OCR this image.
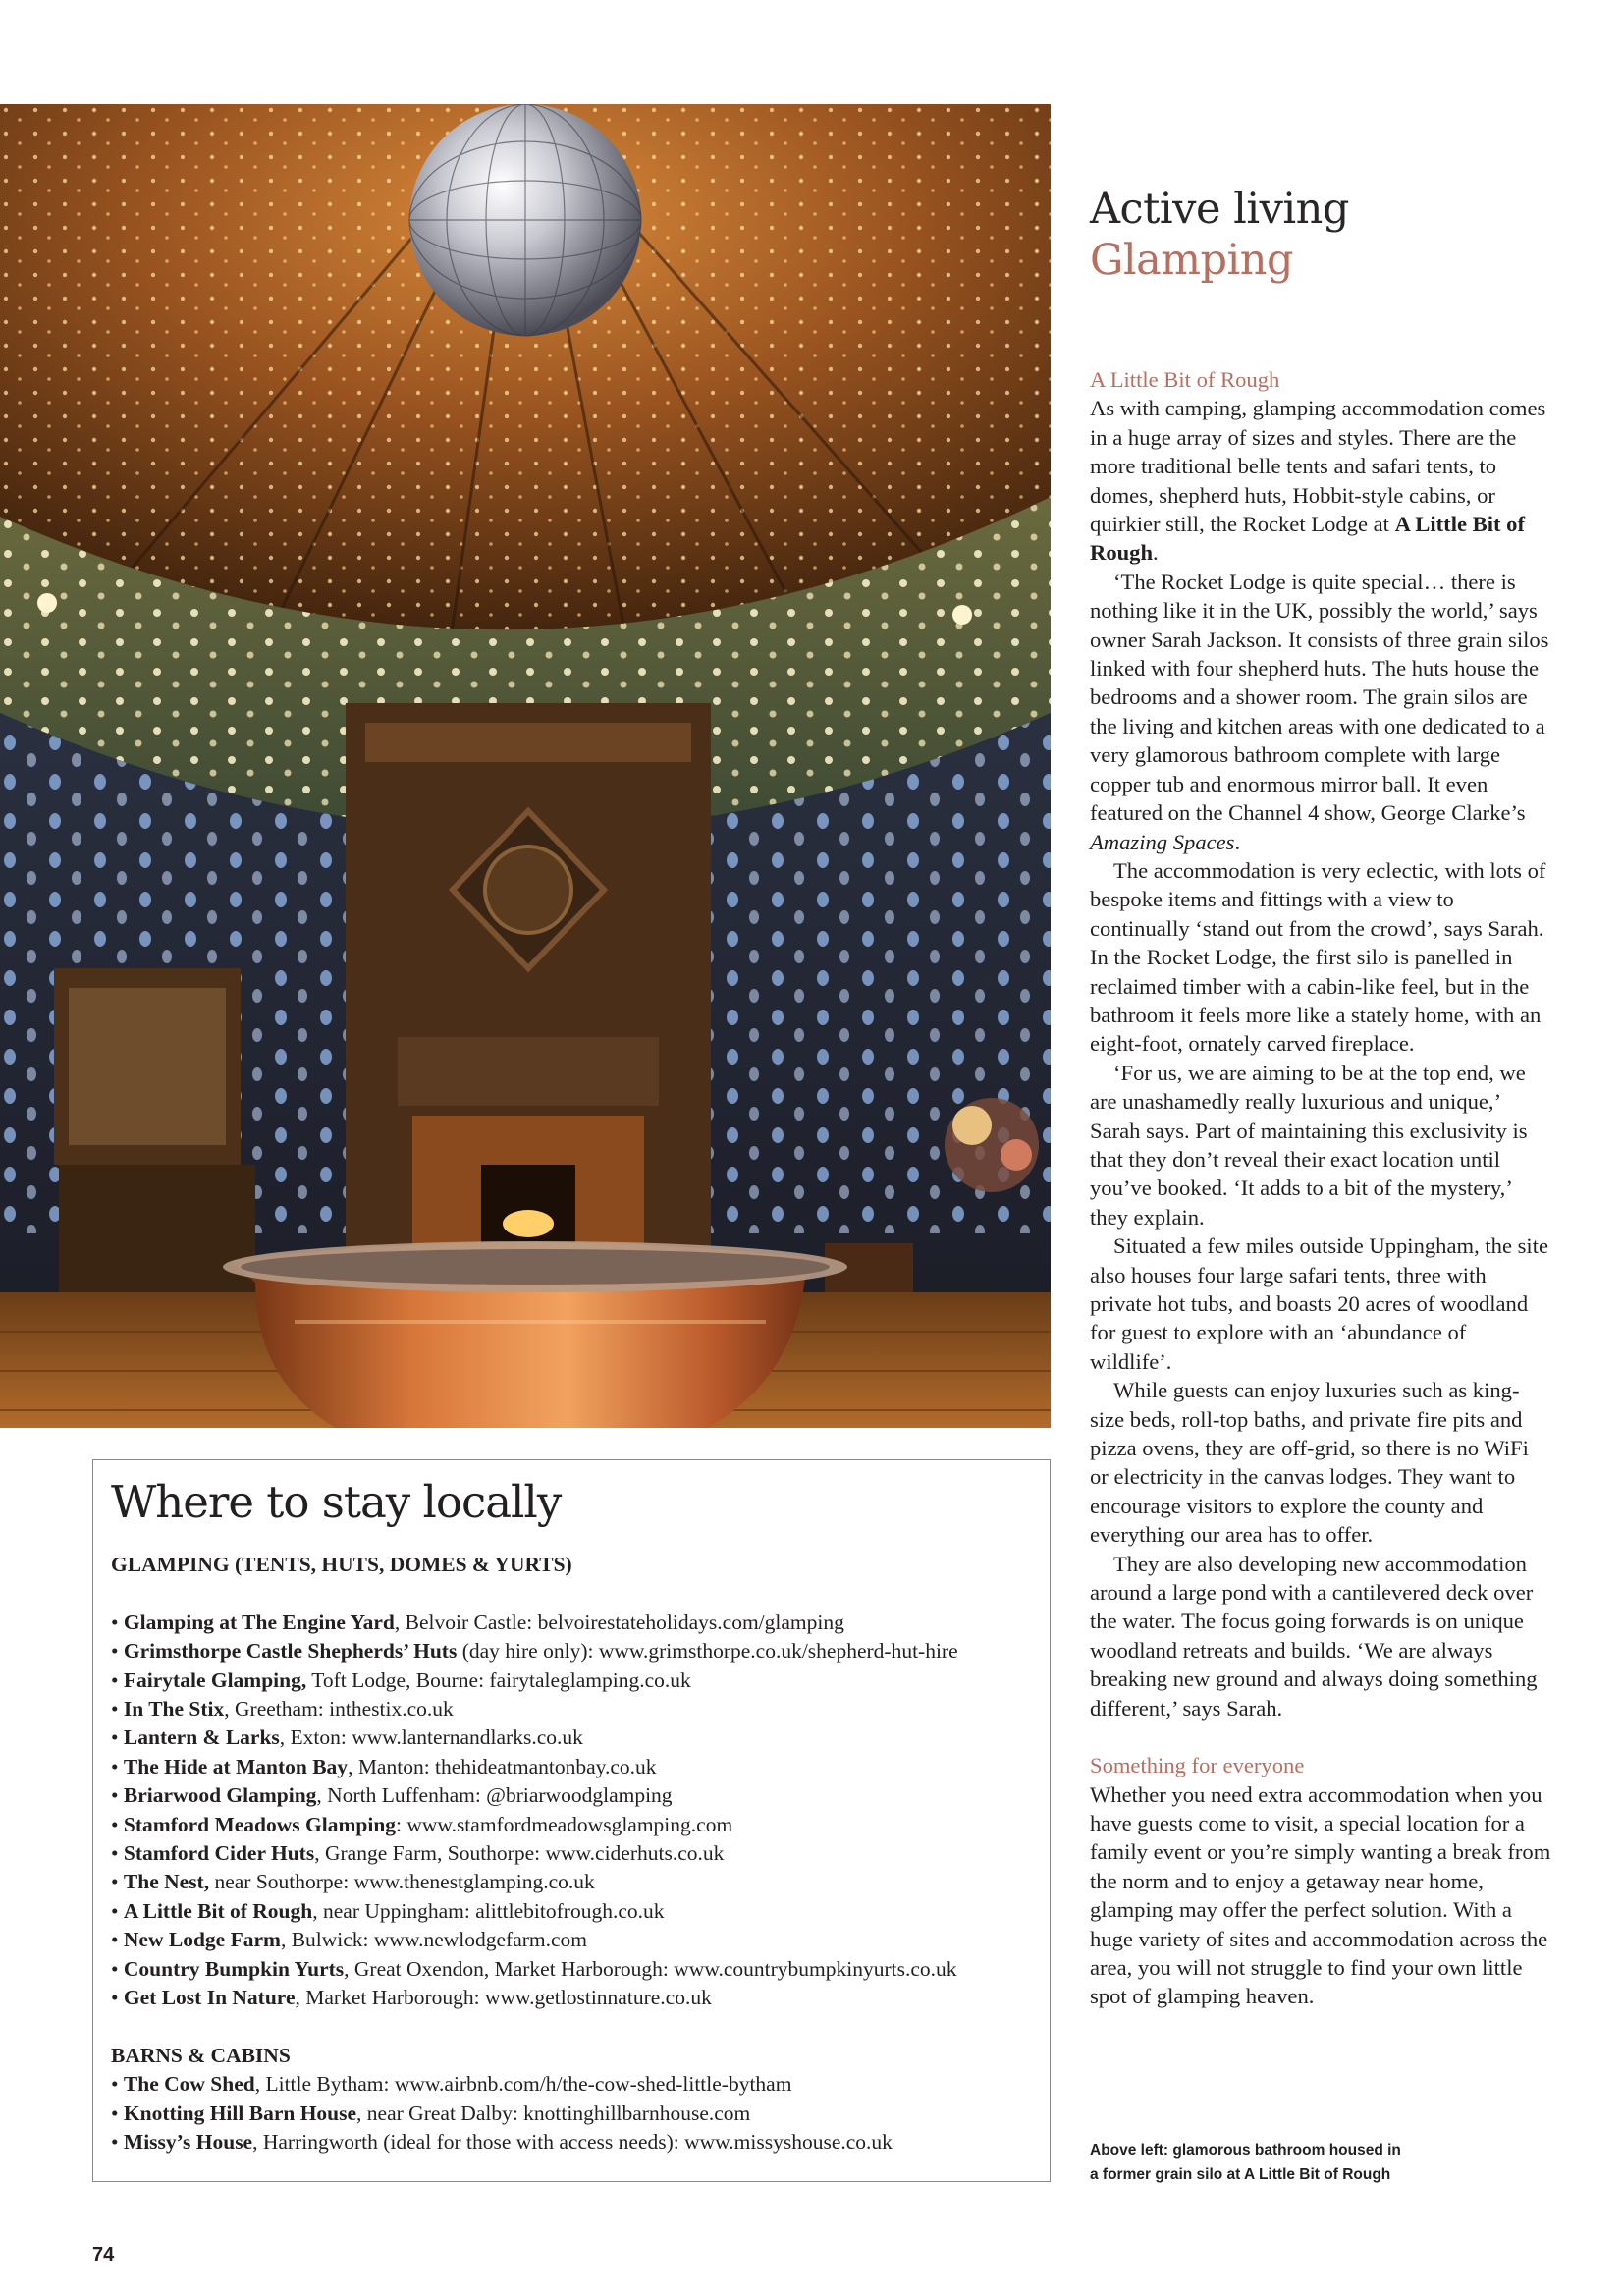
Active living
Glamping
A Little Bit of Rough

As with camping, glamping accommodation comes in a huge array of sizes and styles. There are the more traditional belle tents and safari tents, to domes, shepherd huts, Hobbit-style cabins, or quirkier still, the Rocket Lodge at A Little Bit of Rough.

‘The Rocket Lodge is quite special… there is nothing like it in the UK, possibly the world,’ says owner Sarah Jackson. It consists of three grain silos linked with four shepherd huts. The huts house the bedrooms and a shower room. The grain silos are the living and kitchen areas with one dedicated to a very glamorous bathroom complete with large copper tub and enormous mirror ball. It even featured on the Channel 4 show, George Clarke’s Amazing Spaces.

The accommodation is very eclectic, with lots of bespoke items and fittings with a view to continually ‘stand out from the crowd’, says Sarah. In the Rocket Lodge, the first silo is panelled in reclaimed timber with a cabin-like feel, but in the bathroom it feels more like a stately home, with an eight-foot, ornately carved fireplace.

‘For us, we are aiming to be at the top end, we are unashamedly really luxurious and unique,’ Sarah says. Part of maintaining this exclusivity is that they don’t reveal their exact location until you’ve booked. ‘It adds to a bit of the mystery,’ they explain.

Situated a few miles outside Uppingham, the site also houses four large safari tents, three with private hot tubs, and boasts 20 acres of woodland for guest to explore with an ‘abundance of wildlife’.

While guests can enjoy luxuries such as king-size beds, roll-top baths, and private fire pits and pizza ovens, they are off-grid, so there is no WiFi or electricity in the canvas lodges. They want to encourage visitors to explore the county and everything our area has to offer.

They are also developing new accommodation around a large pond with a cantilevered deck over the water. The focus going forwards is on unique woodland retreats and builds. ‘We are always breaking new ground and always doing something different,’ says Sarah.

Something for everyone

Whether you need extra accommodation when you have guests come to visit, a special location for a family event or you’re simply wanting a break from the norm and to enjoy a getaway near home, glamping may offer the perfect solution. With a huge variety of sites and accommodation across the area, you will not struggle to find your own little spot of glamping heaven.

Above left: glamorous bathroom housed in
a former grain silo at A Little Bit of Rough
Where to stay locally
GLAMPING (TENTS, HUTS, DOMES & YURTS)
• Glamping at The Engine Yard, Belvoir Castle: belvoirestateholidays.com/glamping
• Grimsthorpe Castle Shepherds’ Huts (day hire only): www.grimsthorpe.co.uk/shepherd-hut-hire
• Fairytale Glamping, Toft Lodge, Bourne: fairytaleglamping.co.uk
• In The Stix, Greetham: inthestix.co.uk
• Lantern & Larks, Exton: www.lanternandlarks.co.uk
• The Hide at Manton Bay, Manton: thehideatmantonbay.co.uk
• Briarwood Glamping, North Luffenham: @briarwoodglamping
• Stamford Meadows Glamping: www.stamfordmeadowsglamping.com
• Stamford Cider Huts, Grange Farm, Southorpe: www.ciderhuts.co.uk
• The Nest, near Southorpe: www.thenestglamping.co.uk
• A Little Bit of Rough, near Uppingham: alittlebitofrough.co.uk
• New Lodge Farm, Bulwick: www.newlodgefarm.com
• Country Bumpkin Yurts, Great Oxendon, Market Harborough: www.countrybumpkinyurts.co.uk
• Get Lost In Nature, Market Harborough: www.getlostinnature.co.uk
BARNS & CABINS
• The Cow Shed, Little Bytham: www.airbnb.com/h/the-cow-shed-little-bytham
• Knotting Hill Barn House, near Great Dalby: knottinghillbarnhouse.com
• Missy’s House, Harringworth (ideal for those with access needs): www.missyshouse.co.uk
74
